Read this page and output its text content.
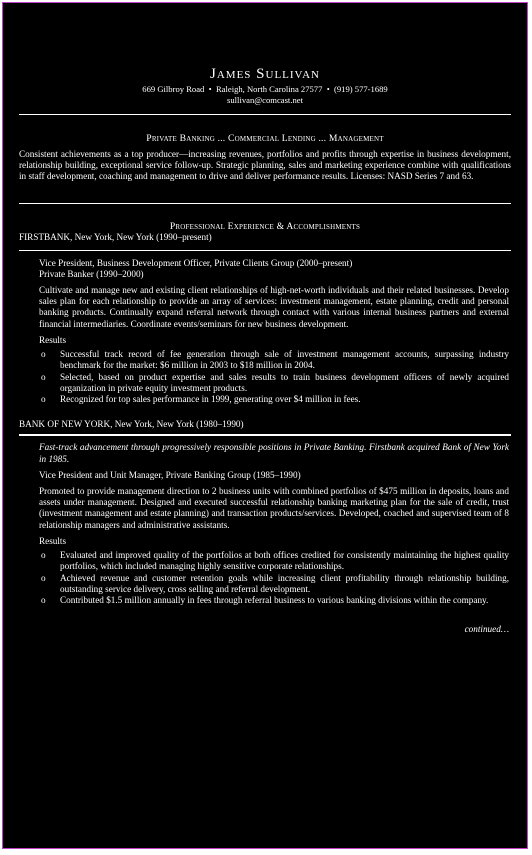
James Sullivan
669 Gilbroy Road • Raleigh, North Carolina 27577 • (919) 577-1689
sullivan@comcast.net
Private Banking ... Commercial Lending ... Management
Consistent achievements as a top producer—increasing revenues, portfolios and profits through expertise in business development, relationship building, exceptional service follow-up. Strategic planning, sales and marketing experience combine with qualifications in staff development, coaching and management to drive and deliver performance results. Licenses: NASD Series 7 and 63.
Professional Experience & Accomplishments
FIRSTBANK, New York, New York (1990–present)
Vice President, Business Development Officer, Private Clients Group (2000–present)
Private Banker (1990–2000)
Cultivate and manage new and existing client relationships of high-net-worth individuals and their related businesses. Develop sales plan for each relationship to provide an array of services: investment management, estate planning, credit and personal banking products. Continually expand referral network through contact with various internal business partners and external financial intermediaries. Coordinate events/seminars for new business development.
Results
o Successful track record of fee generation through sale of investment management accounts, surpassing industry benchmark for the market: $6 million in 2003 to $18 million in 2004.
o Selected, based on product expertise and sales results to train business development officers of newly acquired organization in private equity investment products.
o Recognized for top sales performance in 1999, generating over $4 million in fees.
BANK OF NEW YORK, New York, New York (1980–1990)
Fast-track advancement through progressively responsible positions in Private Banking. Firstbank acquired Bank of New York in 1985.
Vice President and Unit Manager, Private Banking Group (1985–1990)
Promoted to provide management direction to 2 business units with combined portfolios of $475 million in deposits, loans and assets under management. Designed and executed successful relationship banking marketing plan for the sale of credit, trust (investment management and estate planning) and transaction products/services. Developed, coached and supervised team of 8 relationship managers and administrative assistants.
Results
o Evaluated and improved quality of the portfolios at both offices credited for consistently maintaining the highest quality portfolios, which included managing highly sensitive corporate relationships.
o Achieved revenue and customer retention goals while increasing client profitability through relationship building, outstanding service delivery, cross selling and referral development.
o Contributed $1.5 million annually in fees through referral business to various banking divisions within the company.
continued…
